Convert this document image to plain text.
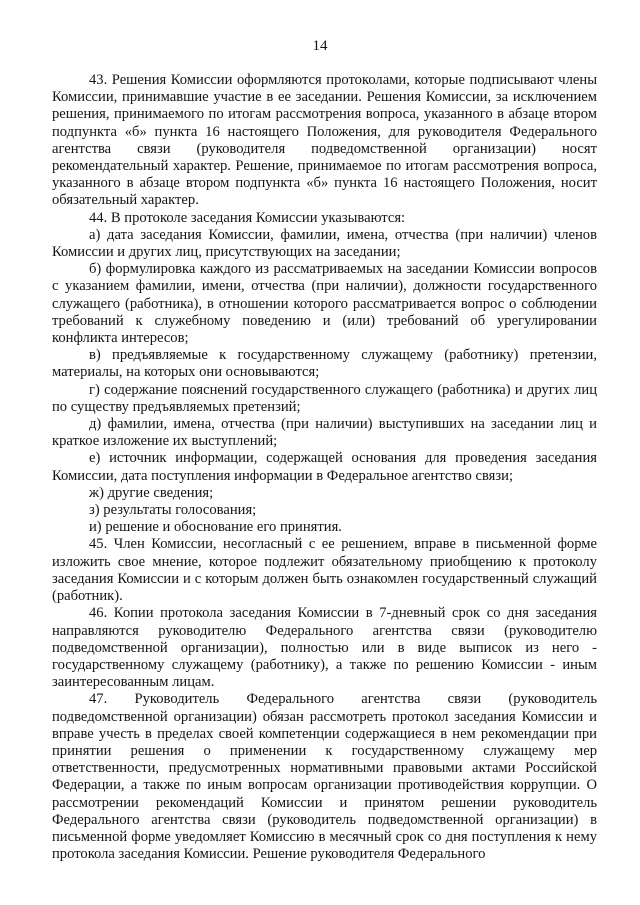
14

43. Решения Комиссии оформляются протоколами, которые подписывают члены Комиссии, принимавшие участие в ее заседании. Решения Комиссии, за исключением решения, принимаемого по итогам рассмотрения вопроса, указанного в абзаце втором подпункта «б» пункта 16 настоящего Положения, для руководителя Федерального агентства связи (руководителя подведомственной организации) носят рекомендательный характер. Решение, принимаемое по итогам рассмотрения вопроса, указанного в абзаце втором подпункта «б» пункта 16 настоящего Положения, носит обязательный характер.

44. В протоколе заседания Комиссии указываются:

а) дата заседания Комиссии, фамилии, имена, отчества (при наличии) членов Комиссии и других лиц, присутствующих на заседании;

б) формулировка каждого из рассматриваемых на заседании Комиссии вопросов с указанием фамилии, имени, отчества (при наличии), должности государственного служащего (работника), в отношении которого рассматривается вопрос о соблюдении требований к служебному поведению и (или) требований об урегулировании конфликта интересов;

в) предъявляемые к государственному служащему (работнику) претензии, материалы, на которых они основываются;

г) содержание пояснений государственного служащего (работника) и других лиц по существу предъявляемых претензий;

д) фамилии, имена, отчества (при наличии) выступивших на заседании лиц и краткое изложение их выступлений;

е) источник информации, содержащей основания для проведения заседания Комиссии, дата поступления информации в Федеральное агентство связи;

ж) другие сведения;

з) результаты голосования;

и) решение и обоснование его принятия.

45. Член Комиссии, несогласный с ее решением, вправе в письменной форме изложить свое мнение, которое подлежит обязательному приобщению к протоколу заседания Комиссии и с которым должен быть ознакомлен государственный служащий (работник).

46. Копии протокола заседания Комиссии в 7-дневный срок со дня заседания направляются руководителю Федерального агентства связи (руководителю подведомственной организации), полностью или в виде выписок из него - государственному служащему (работнику), а также по решению Комиссии - иным заинтересованным лицам.

47. Руководитель Федерального агентства связи (руководитель подведомственной организации) обязан рассмотреть протокол заседания Комиссии и вправе учесть в пределах своей компетенции содержащиеся в нем рекомендации при принятии решения о применении к государственному служащему мер ответственности, предусмотренных нормативными правовыми актами Российской Федерации, а также по иным вопросам организации противодействия коррупции. О рассмотрении рекомендаций Комиссии и принятом решении руководитель Федерального агентства связи (руководитель подведомственной организации) в письменной форме уведомляет Комиссию в месячный срок со дня поступления к нему протокола заседания Комиссии. Решение руководителя Федерального
